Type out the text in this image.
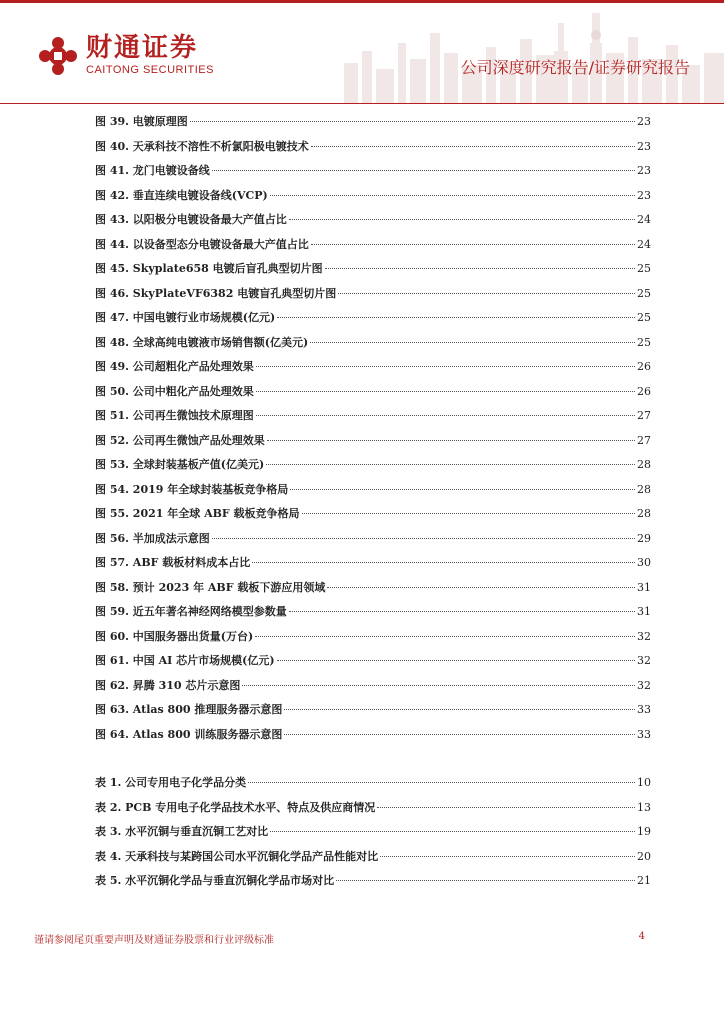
财通证券
CAITONG SECURITIES	公司深度研究报告/证券研究报告
图 39. 电镀原理图	23
图 40. 天承科技不溶性不析氯阳极电镀技术	23
图 41. 龙门电镀设备线	23
图 42. 垂直连续电镀设备线(VCP)	23
图 43. 以阳极分电镀设备最大产值占比	24
图 44. 以设备型态分电镀设备最大产值占比	24
图 45. Skyplate658 电镀后盲孔典型切片图	25
图 46. SkyPlateVF6382 电镀盲孔典型切片图	25
图 47. 中国电镀行业市场规模(亿元)	25
图 48. 全球高纯电镀液市场销售额(亿美元)	25
图 49. 公司超粗化产品处理效果	26
图 50. 公司中粗化产品处理效果	26
图 51. 公司再生微蚀技术原理图	27
图 52. 公司再生微蚀产品处理效果	27
图 53. 全球封装基板产值(亿美元)	28
图 54. 2019 年全球封装基板竞争格局	28
图 55. 2021 年全球 ABF 载板竞争格局	28
图 56. 半加成法示意图	29
图 57. ABF 载板材料成本占比	30
图 58. 预计 2023 年 ABF 载板下游应用领域	31
图 59. 近五年著名神经网络模型参数量	31
图 60. 中国服务器出货量(万台)	32
图 61. 中国 AI 芯片市场规模(亿元)	32
图 62. 昇腾 310 芯片示意图	32
图 63. Atlas 800 推理服务器示意图	33
图 64. Atlas 800 训练服务器示意图	33
表 1. 公司专用电子化学品分类	10
表 2. PCB 专用电子化学品技术水平、特点及供应商情况	13
表 3. 水平沉铜与垂直沉铜工艺对比	19
表 4. 天承科技与某跨国公司水平沉铜化学品产品性能对比	20
表 5. 水平沉铜化学品与垂直沉铜化学品市场对比	21
谨请参阅尾页重要声明及财通证券股票和行业评级标准	4
